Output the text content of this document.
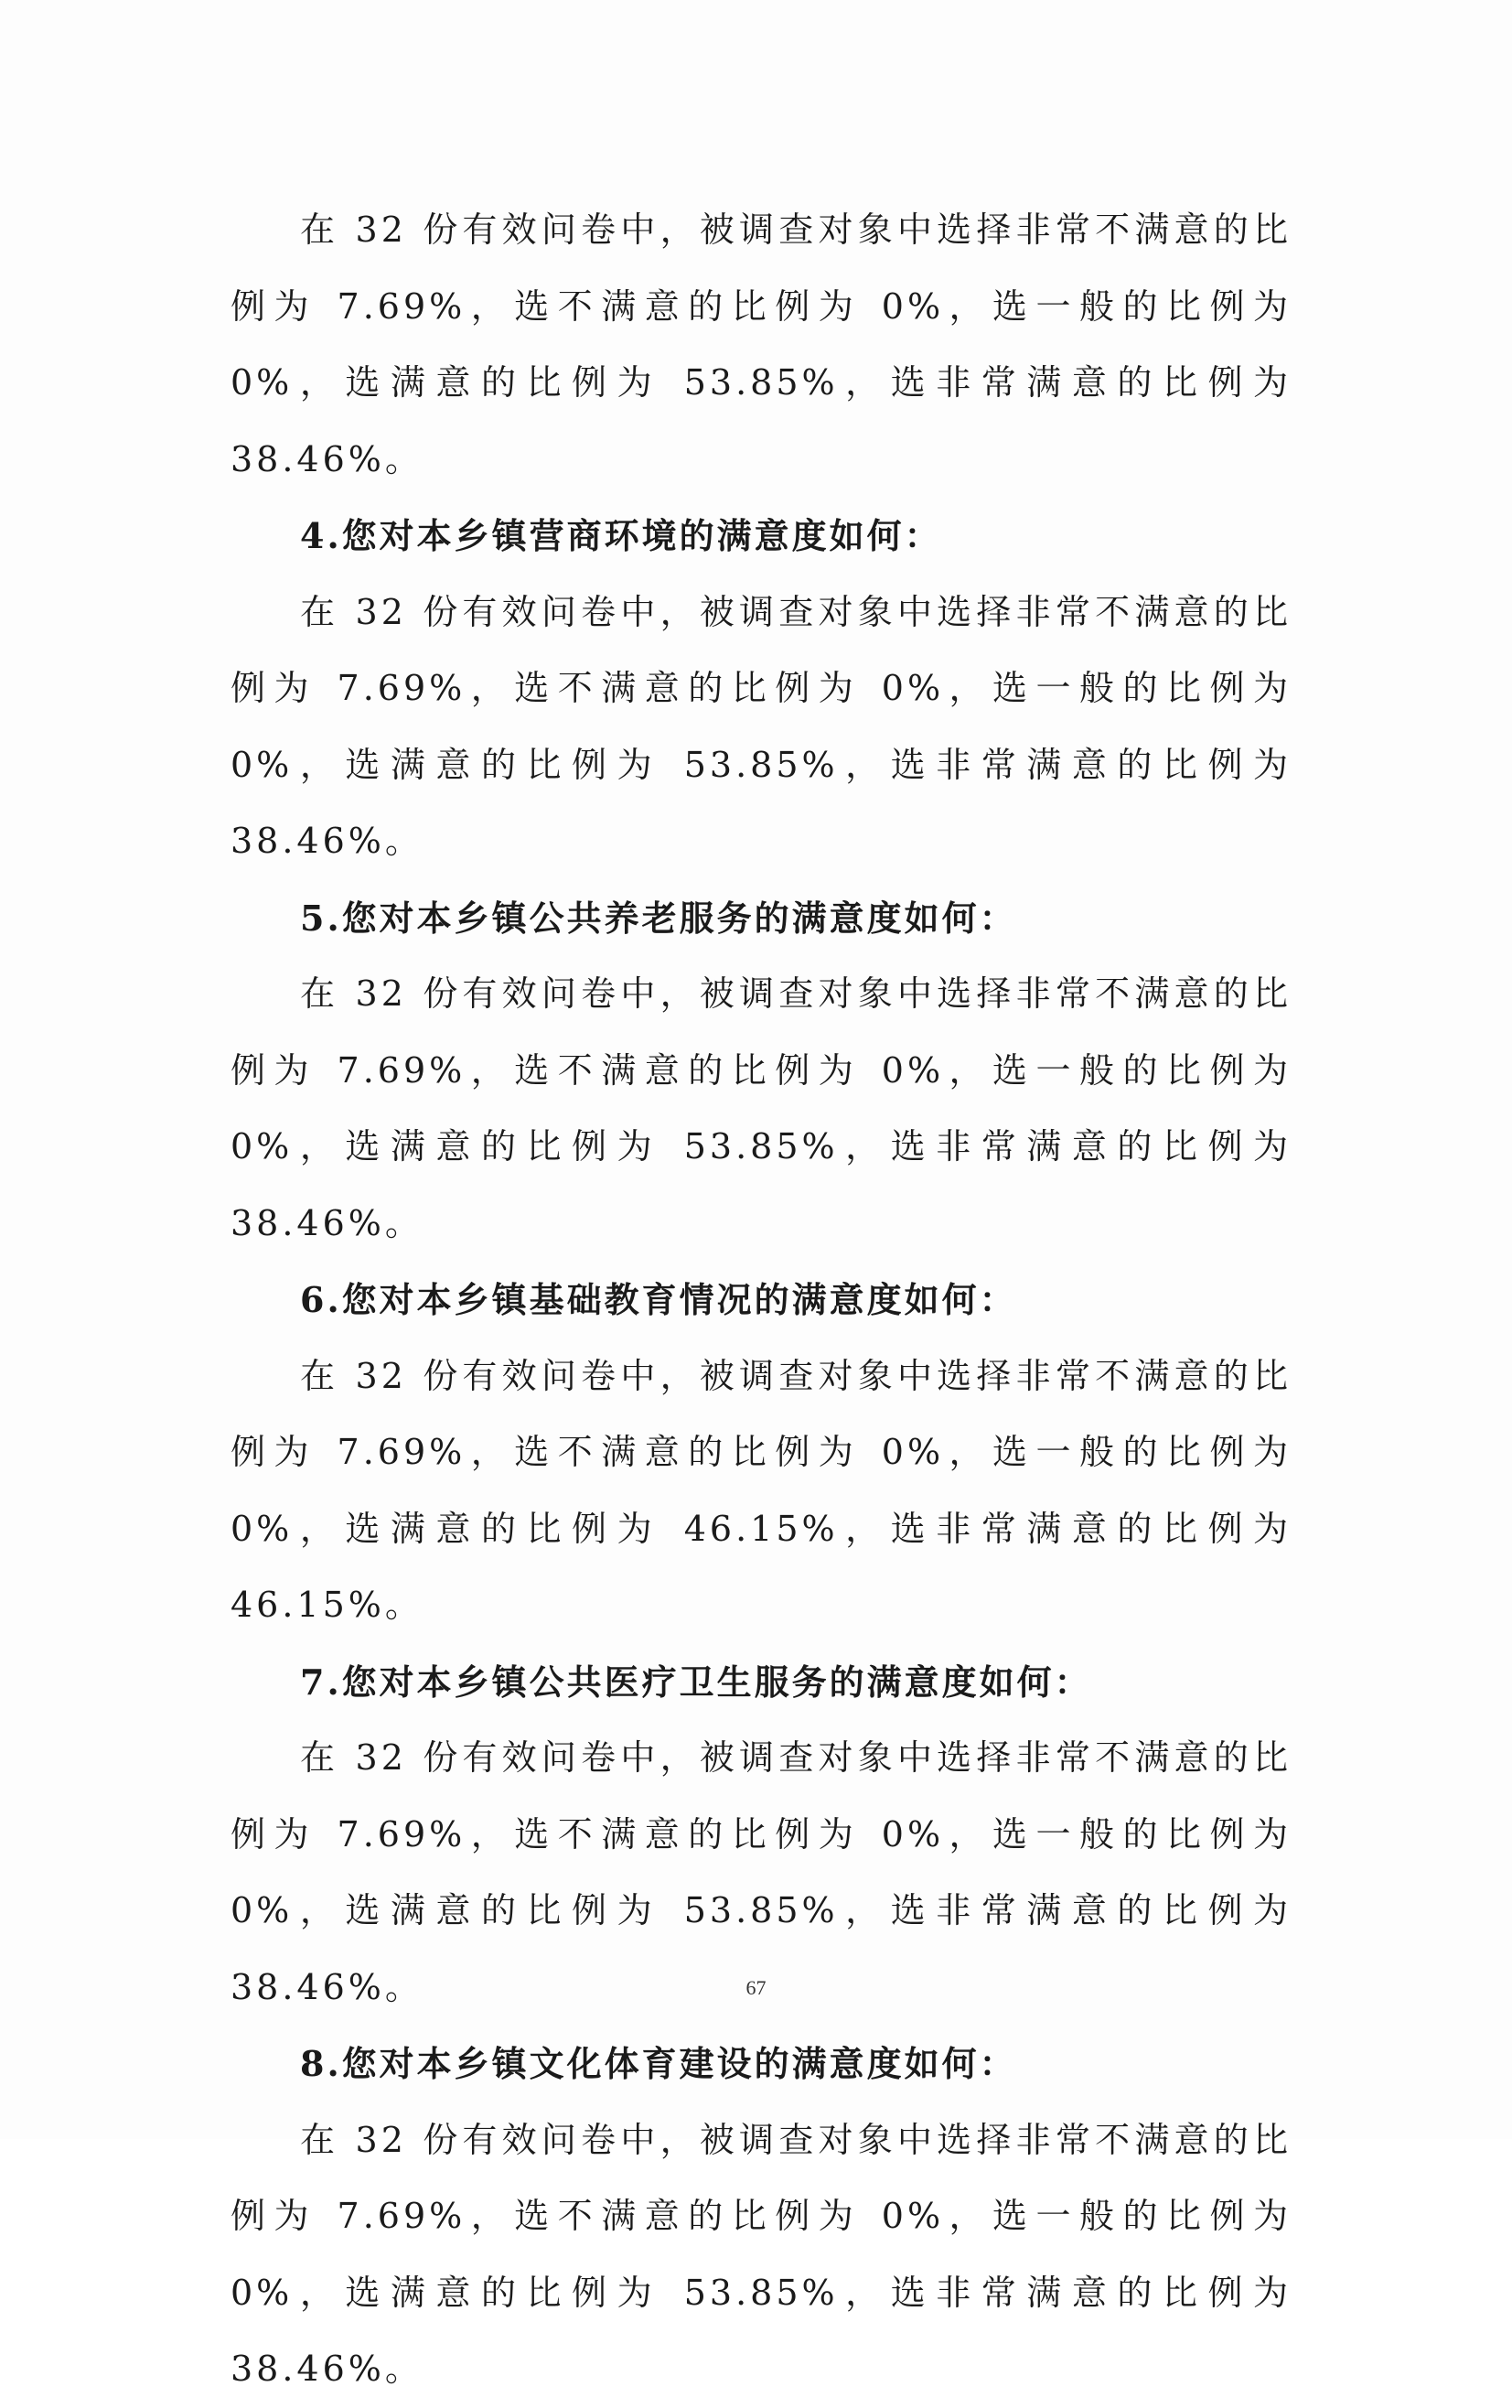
在 32 份有效问卷中，被调查对象中选择非常不满意的比例为 7.69%，选不满意的比例为 0%，选一般的比例为 0%，选满意的比例为 53.85%，选非常满意的比例为 38.46%。

4.您对本乡镇营商环境的满意度如何：

在 32 份有效问卷中，被调查对象中选择非常不满意的比例为 7.69%，选不满意的比例为 0%，选一般的比例为 0%，选满意的比例为 53.85%，选非常满意的比例为 38.46%。

5.您对本乡镇公共养老服务的满意度如何：

在 32 份有效问卷中，被调查对象中选择非常不满意的比例为 7.69%，选不满意的比例为 0%，选一般的比例为 0%，选满意的比例为 53.85%，选非常满意的比例为 38.46%。

6.您对本乡镇基础教育情况的满意度如何：

在 32 份有效问卷中，被调查对象中选择非常不满意的比例为 7.69%，选不满意的比例为 0%，选一般的比例为 0%，选满意的比例为 46.15%，选非常满意的比例为 46.15%。

7.您对本乡镇公共医疗卫生服务的满意度如何：

在 32 份有效问卷中，被调查对象中选择非常不满意的比例为 7.69%，选不满意的比例为 0%，选一般的比例为 0%，选满意的比例为 53.85%，选非常满意的比例为 38.46%。

8.您对本乡镇文化体育建设的满意度如何：

在 32 份有效问卷中，被调查对象中选择非常不满意的比例为 7.69%，选不满意的比例为 0%，选一般的比例为 0%，选满意的比例为 53.85%，选非常满意的比例为 38.46%。

67
